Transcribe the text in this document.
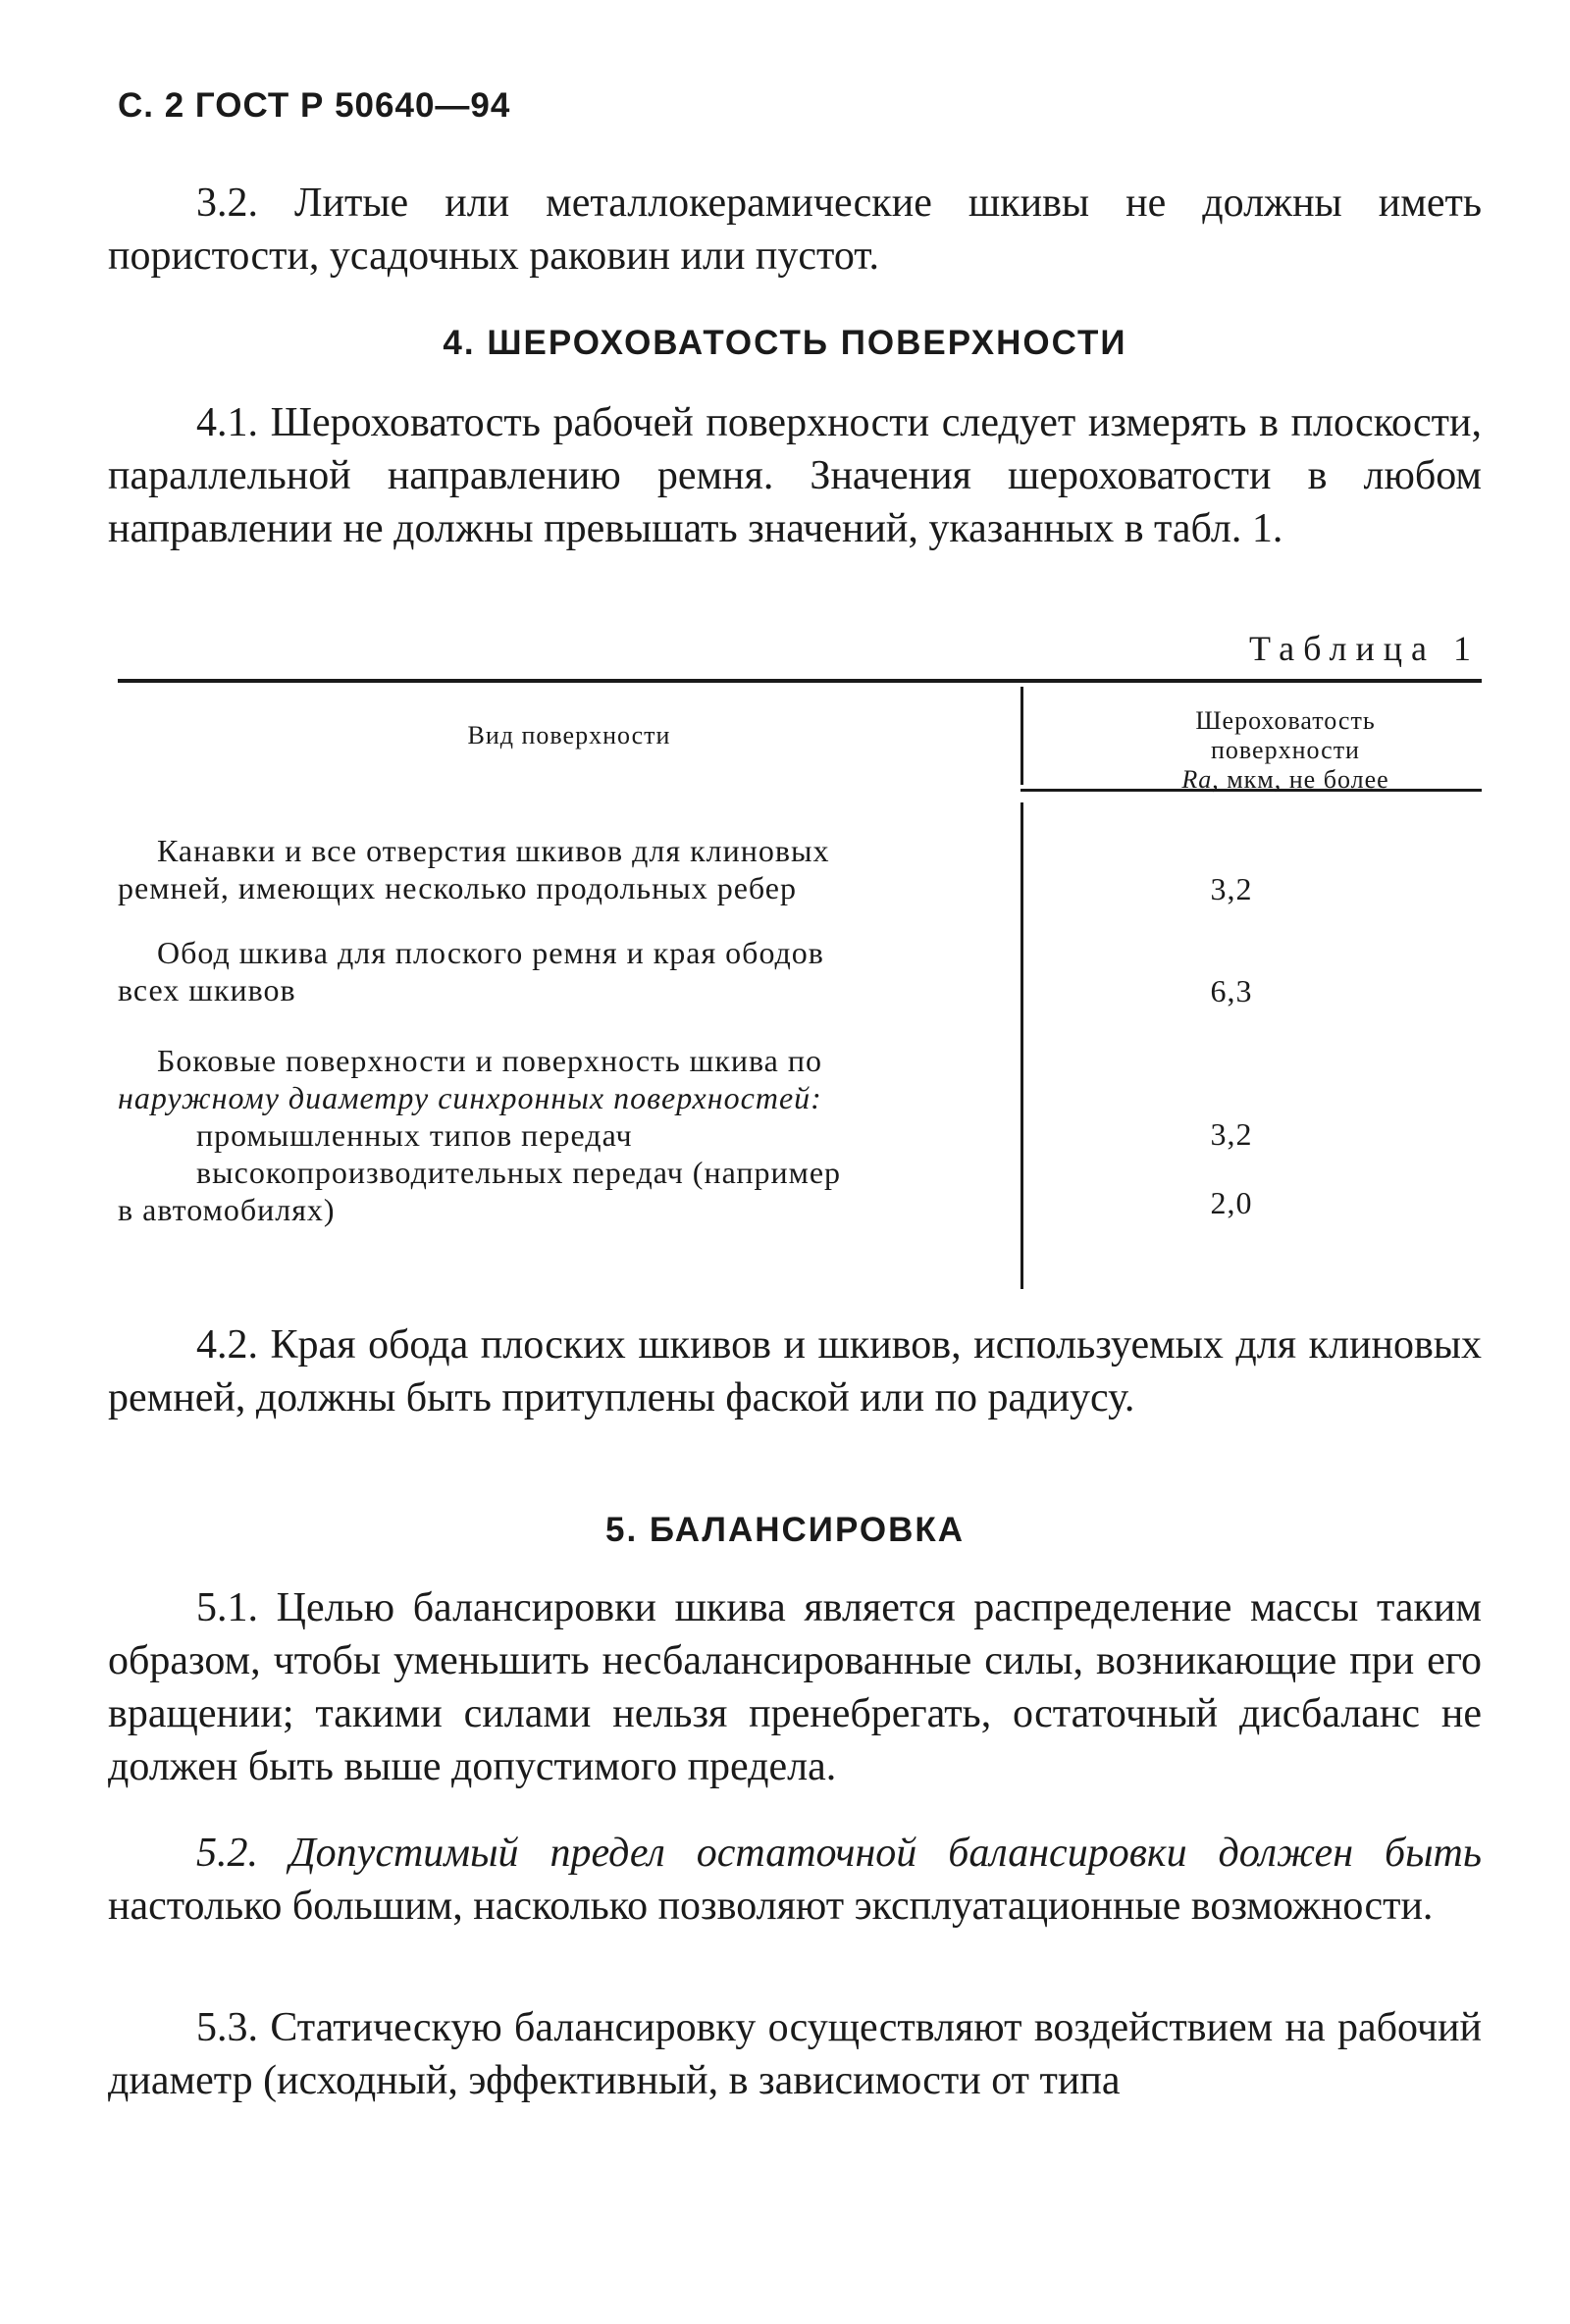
С. 2 ГОСТ Р 50640—94

3.2. Литые или металлокерамические шкивы не должны иметь пористости, усадочных раковин или пустот.

4. ШЕРОХОВАТОСТЬ ПОВЕРХНОСТИ

4.1. Шероховатость рабочей поверхности следует измерять в плоскости, параллельной направлению ремня. Значения шероховатости в любом направлении не должны превышать значений, указанных в табл. 1.

Таблица 1
Вид поверхности
Шероховатость
поверхности
Ra, мкм, не более
Канавки и все отверстия шкивов для клиновых
ремней, имеющих несколько продольных ребер	3,2
Обод шкива для плоского ремня и края ободов
всех шкивов	6,3
Боковые поверхности и поверхность шкива по
наружному диаметру синхронных поверхностей:
промышленных типов передач
высокопроизводительных передач (например
в автомобилях)
3,2
2,0

4.2. Края обода плоских шкивов и шкивов, используемых для клиновых ремней, должны быть притуплены фаской или по радиусу.

5. БАЛАНСИРОВКА

5.1. Целью балансировки шкива является распределение массы таким образом, чтобы уменьшить несбалансированные силы, возникающие при его вращении; такими силами нельзя пренебрегать, остаточный дисбаланс не должен быть выше допустимого предела.

5.2. Допустимый предел остаточной балансировки должен быть настолько большим, насколько позволяют эксплуатационные возможности.

5.3. Статическую балансировку осуществляют воздействием на рабочий диаметр (исходный, эффективный, в зависимости от типа
